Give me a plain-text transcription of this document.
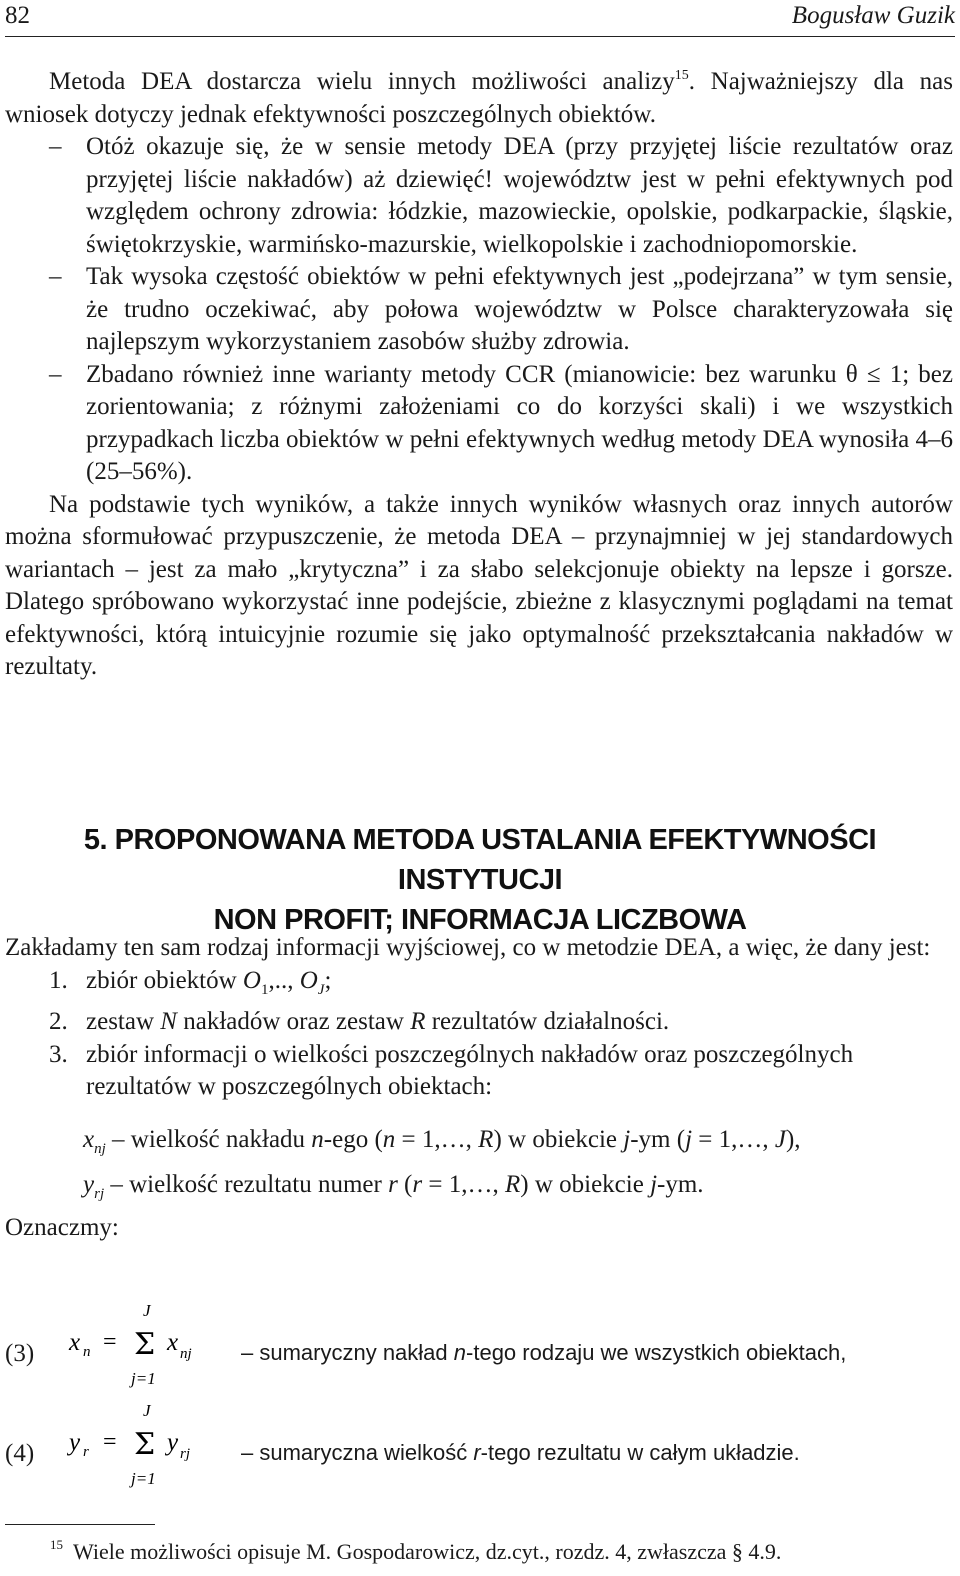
82	Bogusław Guzik

Metoda DEA dostarcza wielu innych możliwości analizy$^{15}$. Najważniejszy dla nas wniosek dotyczy jednak efektywności poszczególnych obiektów.

– Otóż okazuje się, że w sensie metody DEA (przy przyjętej liście rezultatów oraz przyjętej liście nakładów) aż dziewięć! województw jest w pełni efektywnych pod względem ochrony zdrowia: łódzkie, mazowieckie, opolskie, podkarpackie, śląskie, świętokrzyskie, warmińsko-mazurskie, wielkopolskie i zachodniopomorskie.
– Tak wysoka częstość obiektów w pełni efektywnych jest „podejrzana” w tym sensie, że trudno oczekiwać, aby połowa województw w Polsce charakteryzowała się najlepszym wykorzystaniem zasobów służby zdrowia.
– Zbadano również inne warianty metody CCR (mianowicie: bez warunku θ ≤ 1; bez zorientowania; z różnymi założeniami co do korzyści skali) i we wszystkich przypadkach liczba obiektów w pełni efektywnych według metody DEA wynosiła 4–6 (25–56%).

Na podstawie tych wyników, a także innych wyników własnych oraz innych autorów można sformułować przypuszczenie, że metoda DEA – przynajmniej w jej standardowych wariantach – jest za mało „krytyczna” i za słabo selekcjonuje obiekty na lepsze i gorsze. Dlatego spróbowano wykorzystać inne podejście, zbieżne z klasycznymi poglądami na temat efektywności, którą intuicyjnie rozumie się jako optymalność przekształcania nakładów w rezultaty.

5. PROPONOWANA METODA USTALANIA EFEKTYWNOŚCI INSTYTUCJI
NON PROFIT; INFORMACJA LICZBOWA

Zakładamy ten sam rodzaj informacji wyjściowej, co w metodzie DEA, a więc, że dany jest:

1. zbiór obiektów $O_1$,.., $O_J$;
2. zestaw N nakładów oraz zestaw R rezultatów działalności.
3. zbiór informacji o wielkości poszczególnych nakładów oraz poszczególnych rezultatów w poszczególnych obiektach:
$x_{nj}$ – wielkość nakładu n-ego (n = 1,…, R) w obiekcie j-ym (j = 1,…, J),
$y_{rj}$ – wielkość rezultatu numer r (r = 1,…, R) w obiekcie j-ym.

Oznaczmy:

(3) x n =
J
Σ
j=1
x nj – sumaryczny nakład n-tego rodzaju we wszystkich obiektach,
(4) y r =
J
Σ
j=1
y rj – sumaryczna wielkość r-tego rezultatu w całym układzie.
$^{15}$ Wiele możliwości opisuje M. Gospodarowicz, dz.cyt., rozdz. 4, zwłaszcza § 4.9.
